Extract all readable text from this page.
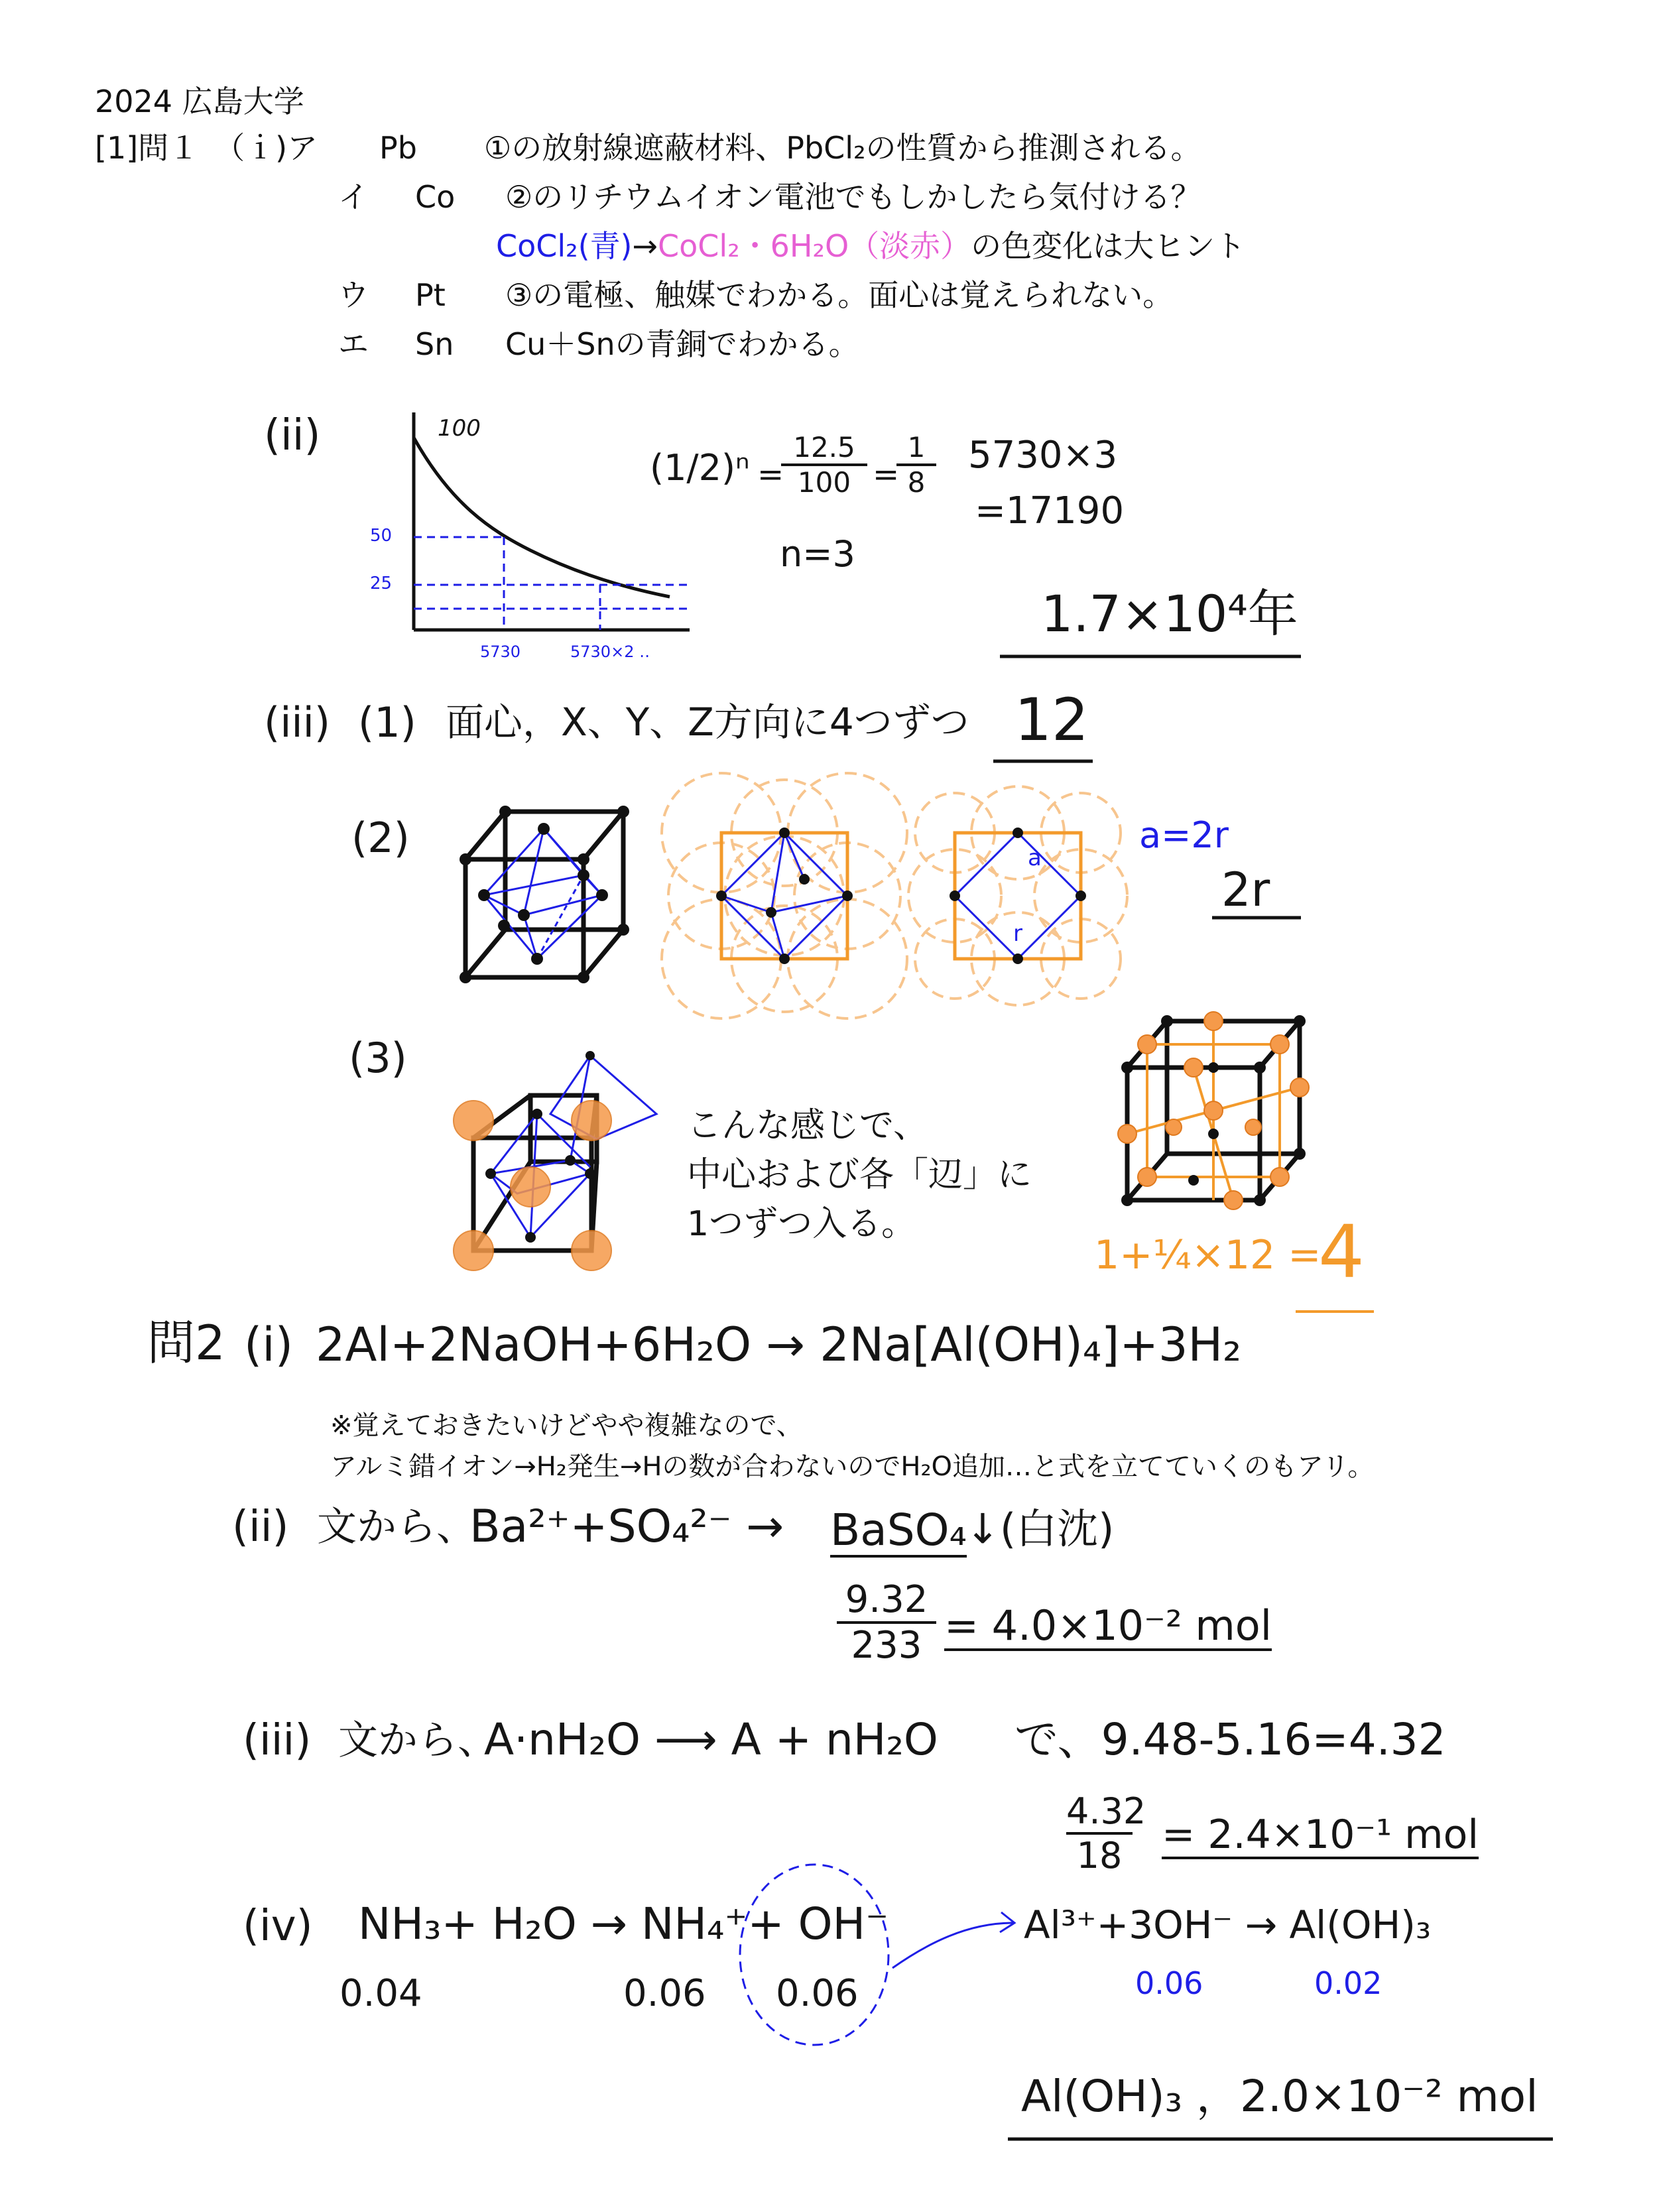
2024 広島大学
[1]問１　（ｉ)ア Pb ①の放射線遮蔽材料、PbCl₂の性質から推測される。
イ Co ②のリチウムイオン電池でもしかしたら気付ける？
CoCl₂(青)→CoCl₂・6H₂O（淡赤）の色変化は大ヒント
ウ Pt ③の電極、触媒でわかる。面心は覚えられない。
エ Sn Cu＋Snの青銅でわかる。
(ii)	100
50
25
5730	5730×2 ‥
(1/2)ⁿ =
$\frac{12.5}{100}$ =
$\frac{1}{8}$
n=3
5730×3
=17190
1.7×10⁴年
(iii) (1) 面心，X、Y、Z方向に4つずつ 12
(2)	a
r
a=2r
2r
(3)
こんな感じで、
中心および各「辺」に
1つずつ入る。
1+¼×12 =
4
問2 (i) 2Al+2NaOH+6H₂O → 2Na[Al(OH)₄]+3H₂
※覚えておきたいけどやや複雑なので、
アルミ錯イオン→H₂発生→Hの数が合わないのでH₂O追加…と式を立てていくのもアリ。
(ii) 文から、
Ba²⁺+SO₄²⁻ → BaSO₄
↓(白沈)
$\frac{9.32}{233} = 4.0\times 10^{-2}$ mol
(iii) 文から、
A·nH₂O ⟶ A + nH₂O で、9.48-5.16=4.32
$\frac{4.32}{18} = 2.4\times 10^{-1}$ mol
(iv) NH₃+ H₂O → NH₄⁺+ OH⁻
0.04	0.06 0.06
Al³⁺+3OH⁻ → Al(OH)₃
0.06	0.02
Al(OH)₃ ，2.0×10⁻² mol
